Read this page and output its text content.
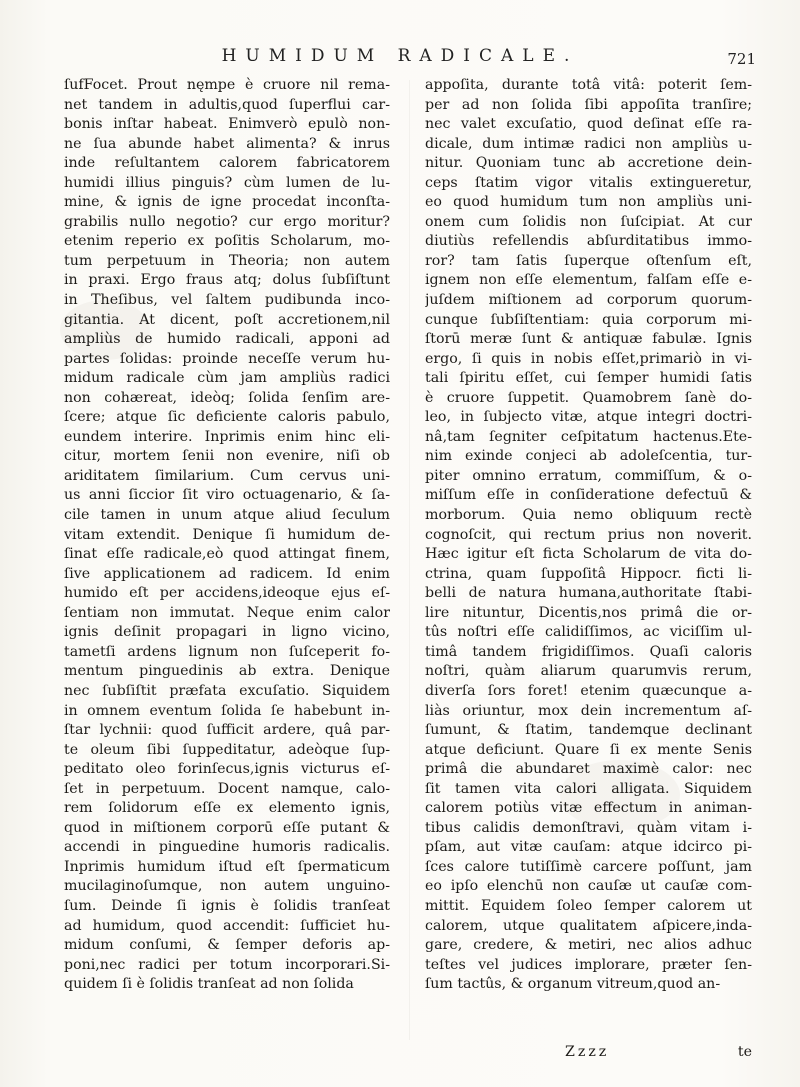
HUMIDUM RADICALE.	721
ſufFocet. Prout nęmpe è cruore nil rema-
net tandem in adultis,quod ſuperflui car-
bonis inſtar habeat. Enimverò epulò non-
ne ſua abunde habet alimenta? & inrus
inde reſultantem calorem fabricatorem
humidi illius pinguis? cùm lumen de lu-
mine, & ignis de igne procedat inconſta-
grabilis nullo negotio? cur ergo moritur?
etenim reperio ex poſitis Scholarum, mo-
tum perpetuum in Theoria; non autem
in praxi. Ergo fraus atq; dolus ſubſiſtunt
in Theſibus, vel ſaltem pudibunda inco-
gitantia. At dicent, poſt accretionem,nil
ampliùs de humido radicali, apponi ad
partes ſolidas: proinde neceſſe verum hu-
midum radicale cùm jam ampliùs radici
non cohæreat, ideòq; ſolida ſenſim are-
ſcere; atque ſic deficiente caloris pabulo,
eundem interire. Inprimis enim hinc eli-
citur, mortem ſenii non evenire, niſi ob
ariditatem ſimilarium. Cum cervus uni-
us anni ſiccior ſit viro octuagenario, & ſa-
cile tamen in unum atque aliud ſeculum
vitam extendit. Denique ſi humidum de-
ſinat eſſe radicale,eò quod attingat finem,
ſive applicationem ad radicem. Id enim
humido eſt per accidens,ideoque ejus eſ-
ſentiam non immutat. Neque enim calor
ignis deſinit propagari in ligno vicino,
tametſi ardens lignum non ſuſceperit fo-
mentum pinguedinis ab extra. Denique
nec ſubſiſtit præfata excuſatio. Siquidem
in omnem eventum ſolida ſe habebunt in-
ſtar lychnii: quod ſufficit ardere, quâ par-
te oleum ſibi ſuppeditatur, adeòque ſup-
peditato oleo forinſecus,ignis victurus eſ-
ſet in perpetuum. Docent namque, calo-
rem ſolidorum eſſe ex elemento ignis,
quod in miſtionem corporū eſſe putant &
accendi in pinguedine humoris radicalis.
Inprimis humidum iſtud eſt ſpermaticum
mucilaginoſumque, non autem unguino-
ſum. Deinde ſi ignis è ſolidis tranſeat
ad humidum, quod accendit: ſufficiet hu-
midum conſumi, & ſemper deforis ap-
poni,nec radici per totum incorporari.Si-
quidem ſi è ſolidis tranſeat ad non ſolida
appoſita, durante totâ vitâ: poterit ſem-
per ad non ſolida ſibi appoſita tranſire;
nec valet excuſatio, quod deſinat eſſe ra-
dicale, dum intimæ radici non ampliùs u-
nitur. Quoniam tunc ab accretione dein-
ceps ſtatim vigor vitalis extingueretur,
eo quod humidum tum non ampliùs uni-
onem cum ſolidis non ſuſcipiat. At cur
diutiùs refellendis abſurditatibus immo-
ror? tam ſatis ſuperque oſtenſum eſt,
ignem non eſſe elementum, falſam eſſe e-
juſdem miſtionem ad corporum quorum-
cunque ſubſiſtentiam: quia corporum mi-
ſtorū meræ ſunt & antiquæ fabulæ. Ignis
ergo, ſi quis in nobis eſſet,primariò in vi-
tali ſpiritu eſſet, cui ſemper humidi ſatis
è cruore ſuppetit. Quamobrem ſanè do-
leo, in ſubjecto vitæ, atque integri doctri-
nâ,tam ſegniter ceſpitatum hactenus.Ete-
nim exinde conjeci ab adoleſcentia, tur-
piter omnino erratum, commiſſum, & o-
miſſum eſſe in conſideratione defectuū &
morborum. Quia nemo obliquum rectè
cognoſcit, qui rectum prius non noverit.
Hæc igitur eſt ficta Scholarum de vita do-
ctrina, quam ſuppoſitâ Hippocr. ficti li-
belli de natura humana,authoritate ſtabi-
lire nituntur, Dicentis,nos primâ die or-
tûs noſtri eſſe calidiſſimos, ac viciſſim ul-
timâ tandem frigidiſſimos. Quaſi caloris
noſtri, quàm aliarum quarumvis rerum,
diverſa ſors foret! etenim quæcunque a-
liàs oriuntur, mox dein incrementum aſ-
ſumunt, & ſtatim, tandemque declinant
atque deficiunt. Quare ſi ex mente Senis
primâ die abundaret maximè calor: nec
ſit tamen vita calori alligata. Siquidem
calorem potiùs vitæ effectum in animan-
tibus calidis demonſtravi, quàm vitam i-
pſam, aut vitæ cauſam: atque idcirco pi-
ſces calore tutiſſimè carcere poſſunt, jam
eo ipſo elenchū non cauſæ ut cauſæ com-
mittit. Equidem ſoleo ſemper calorem ut
calorem, utque qualitatem aſpicere,inda-
gare, credere, & metiri, nec alios adhuc
teſtes vel judices implorare, præter ſen-
ſum tactûs, & organum vitreum,quod an-
Zzzz	te
